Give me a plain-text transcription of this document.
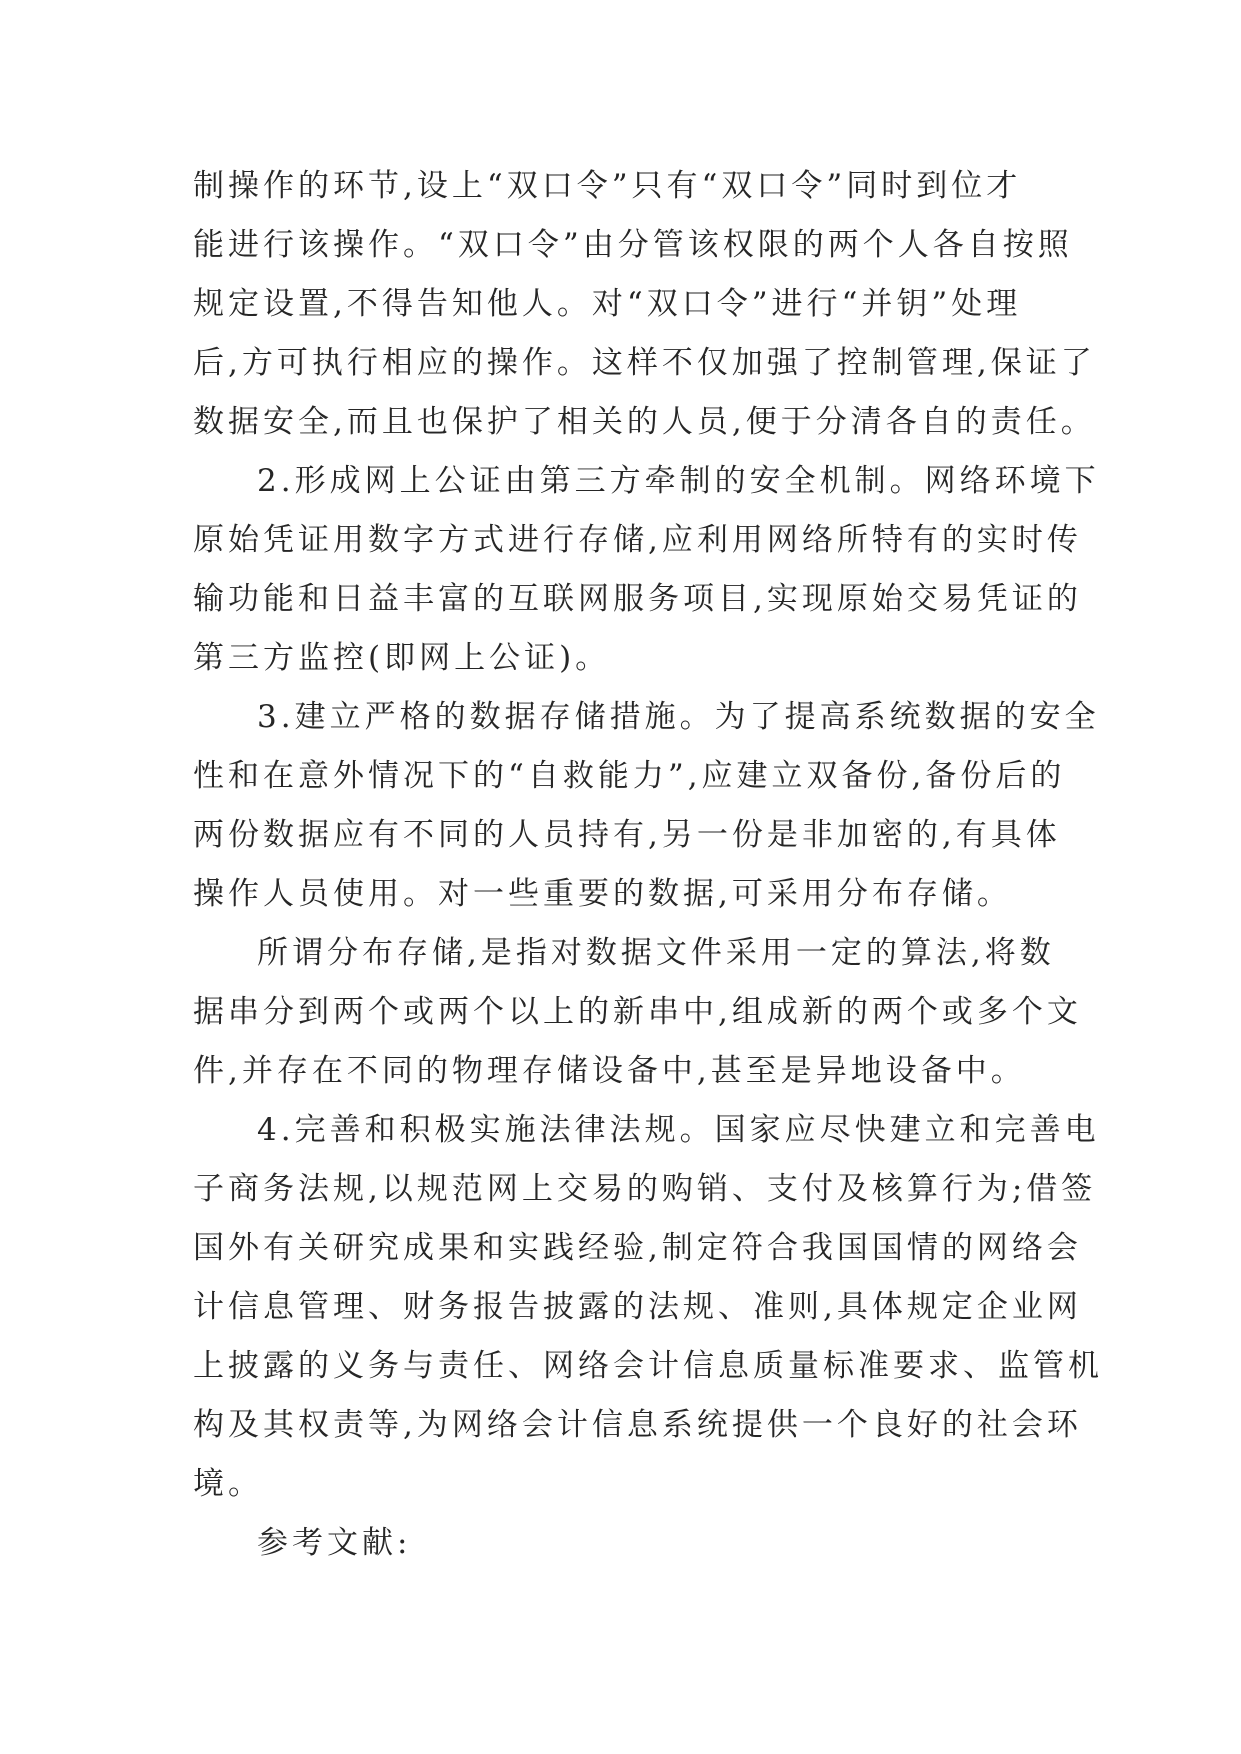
制操作的环节,设上“双口令”只有“双口令”同时到位才
能进行该操作。“双口令”由分管该权限的两个人各自按照
规定设置,不得告知他人。对“双口令”进行“并钥”处理
后,方可执行相应的操作。这样不仅加强了控制管理,保证了
数据安全,而且也保护了相关的人员,便于分清各自的责任。
2.形成网上公证由第三方牵制的安全机制。网络环境下
原始凭证用数字方式进行存储,应利用网络所特有的实时传
输功能和日益丰富的互联网服务项目,实现原始交易凭证的
第三方监控(即网上公证)。
3.建立严格的数据存储措施。为了提高系统数据的安全
性和在意外情况下的“自救能力”,应建立双备份,备份后的
两份数据应有不同的人员持有,另一份是非加密的,有具体
操作人员使用。对一些重要的数据,可采用分布存储。
所谓分布存储,是指对数据文件采用一定的算法,将数
据串分到两个或两个以上的新串中,组成新的两个或多个文
件,并存在不同的物理存储设备中,甚至是异地设备中。
4.完善和积极实施法律法规。国家应尽快建立和完善电
子商务法规,以规范网上交易的购销、支付及核算行为;借签
国外有关研究成果和实践经验,制定符合我国国情的网络会
计信息管理、财务报告披露的法规、准则,具体规定企业网
上披露的义务与责任、网络会计信息质量标准要求、监管机
构及其权责等,为网络会计信息系统提供一个良好的社会环
境。
参考文献:
